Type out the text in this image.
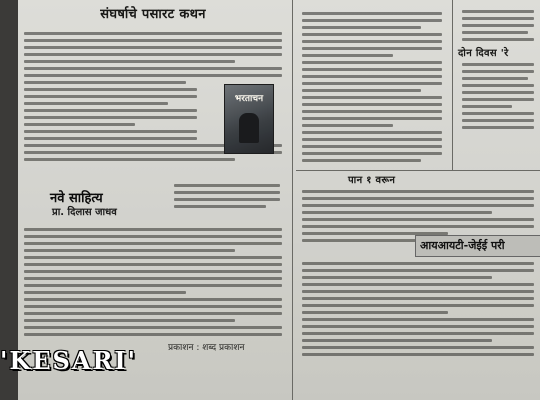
संघर्षाचे पसारट कथन
नवे साहित्य
प्रा. दिलास जाधव
प्रकाशन : शब्द प्रकाशन
भरताचन
पान १ वरून
दोन दिवस 'रे
आयआयटी-जेईई परी
'KESARI'
